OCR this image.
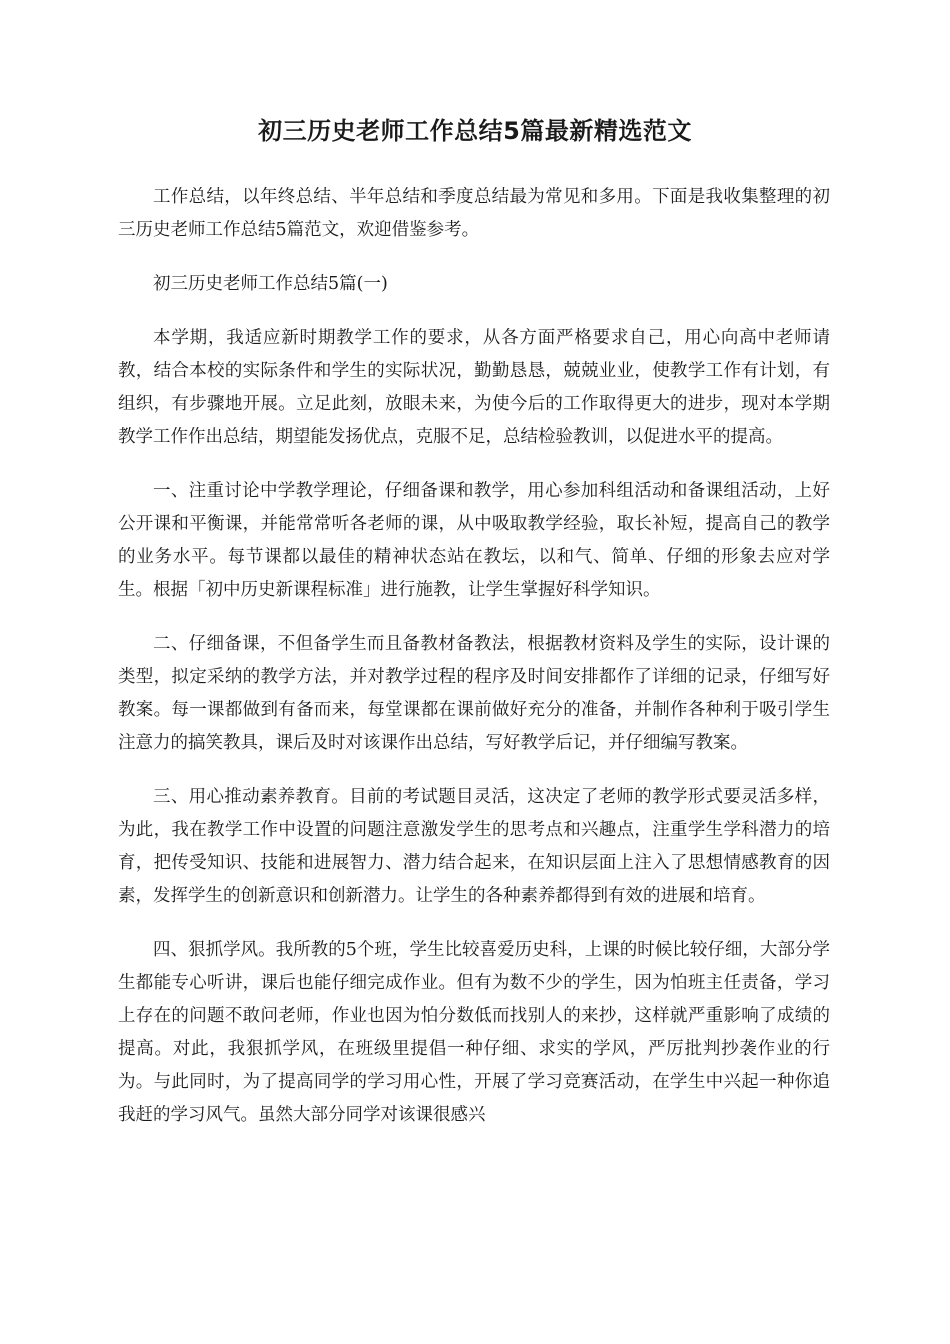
初三历史老师工作总结5篇最新精选范文

工作总结，以年终总结、半年总结和季度总结最为常见和多用。下面是我收集整理的初三历史老师工作总结5篇范文，欢迎借鉴参考。

初三历史老师工作总结5篇(一)

本学期，我适应新时期教学工作的要求，从各方面严格要求自己，用心向高中老师请教，结合本校的实际条件和学生的实际状况，勤勤恳恳，兢兢业业，使教学工作有计划，有组织，有步骤地开展。立足此刻，放眼未来，为使今后的工作取得更大的进步，现对本学期教学工作作出总结，期望能发扬优点，克服不足，总结检验教训，以促进水平的提高。

一、注重讨论中学教学理论，仔细备课和教学，用心参加科组活动和备课组活动，上好公开课和平衡课，并能常常听各老师的课，从中吸取教学经验，取长补短，提高自己的教学的业务水平。每节课都以最佳的精神状态站在教坛，以和气、简单、仔细的形象去应对学生。根据「初中历史新课程标准」进行施教，让学生掌握好科学知识。

二、仔细备课，不但备学生而且备教材备教法，根据教材资料及学生的实际，设计课的类型，拟定采纳的教学方法，并对教学过程的程序及时间安排都作了详细的记录，仔细写好教案。每一课都做到有备而来，每堂课都在课前做好充分的准备，并制作各种利于吸引学生注意力的搞笑教具，课后及时对该课作出总结，写好教学后记，并仔细编写教案。

三、用心推动素养教育。目前的考试题目灵活，这决定了老师的教学形式要灵活多样，为此，我在教学工作中设置的问题注意激发学生的思考点和兴趣点，注重学生学科潜力的培育，把传受知识、技能和进展智力、潜力结合起来，在知识层面上注入了思想情感教育的因素，发挥学生的创新意识和创新潜力。让学生的各种素养都得到有效的进展和培育。

四、狠抓学风。我所教的5个班，学生比较喜爱历史科，上课的时候比较仔细，大部分学生都能专心听讲，课后也能仔细完成作业。但有为数不少的学生，因为怕班主任责备，学习上存在的问题不敢问老师，作业也因为怕分数低而找别人的来抄，这样就严重影响了成绩的提高。对此，我狠抓学风，在班级里提倡一种仔细、求实的学风，严厉批判抄袭作业的行为。与此同时，为了提高同学的学习用心性，开展了学习竞赛活动，在学生中兴起一种你追我赶的学习风气。虽然大部分同学对该课很感兴
